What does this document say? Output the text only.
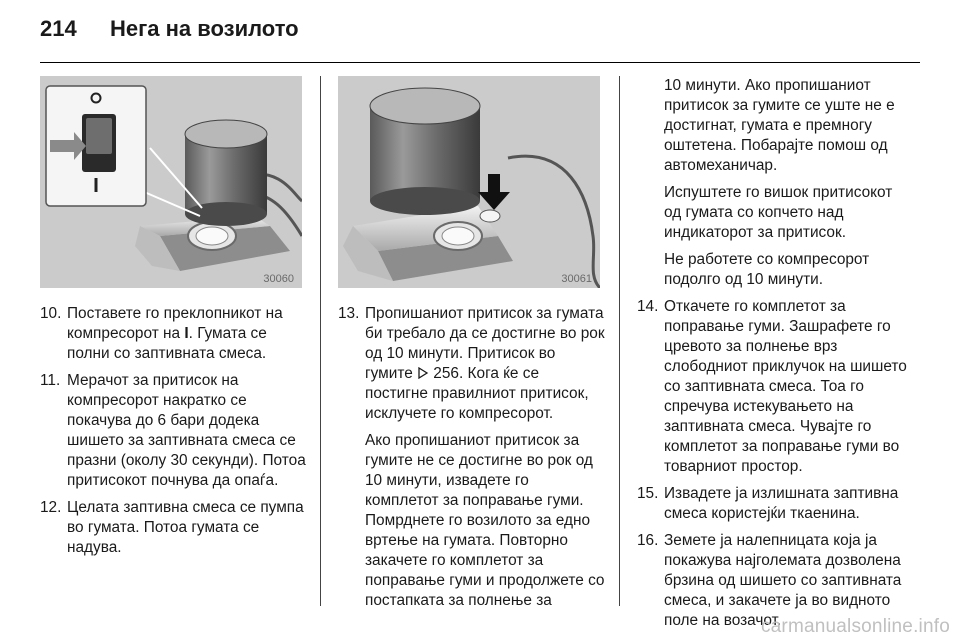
214 Нега на возилото
30060	30061
10. Поставете го преклопникот на компресорот на I. Гумата се полни со заптивната смеса.

11. Мерачот за притисок на компресорот накратко се покачува до 6 бари додека шишето за заптивната смеса се празни (околу 30 секунди). Потоа притисокот почнува да опаѓа.

12. Целата заптивна смеса се пумпа во гумата. Потоа гумата се надува.

13. Пропишаниот притисок за гумата би требало да се достигне во рок од 10 минути. Притисок во гумите  256. Кога ќе се постигне правилниот притисок, исклучете го компресорот.

Ако пропишаниот притисок за гумите не се достигне во рок од 10 минути, извадете го комплетот за поправање гуми. Помрднете го возилото за едно вртење на гумата. Повторно закачете го комплетот за поправање гуми и продолжете со постапката за полнење за

10 минути. Ако пропишаниот притисок за гумите се уште не е достигнат, гумата е премногу оштетена. Побарајте помош од автомеханичар.

Испуштете го вишок притисокот од гумата со копчето над индикаторот за притисок.

Не работете со компресорот подолго од 10 минути.

14. Откачете го комплетот за поправање гуми. Зашрафете го цревото за полнење врз слободниот приклучок на шишето со заптивната смеса. Тоа го спречува истекувањето на заптивната смеса. Чувајте го комплетот за поправање гуми во товарниот простор.

15. Извадете ја излишната заптивна смеса користејќи ткаенина.

16. Земете ја налепницата која ја покажува најголемата дозволена брзина од шишето со заптивната смеса, и закачете ја во видното поле на возачот.

carmanualsonline.info
